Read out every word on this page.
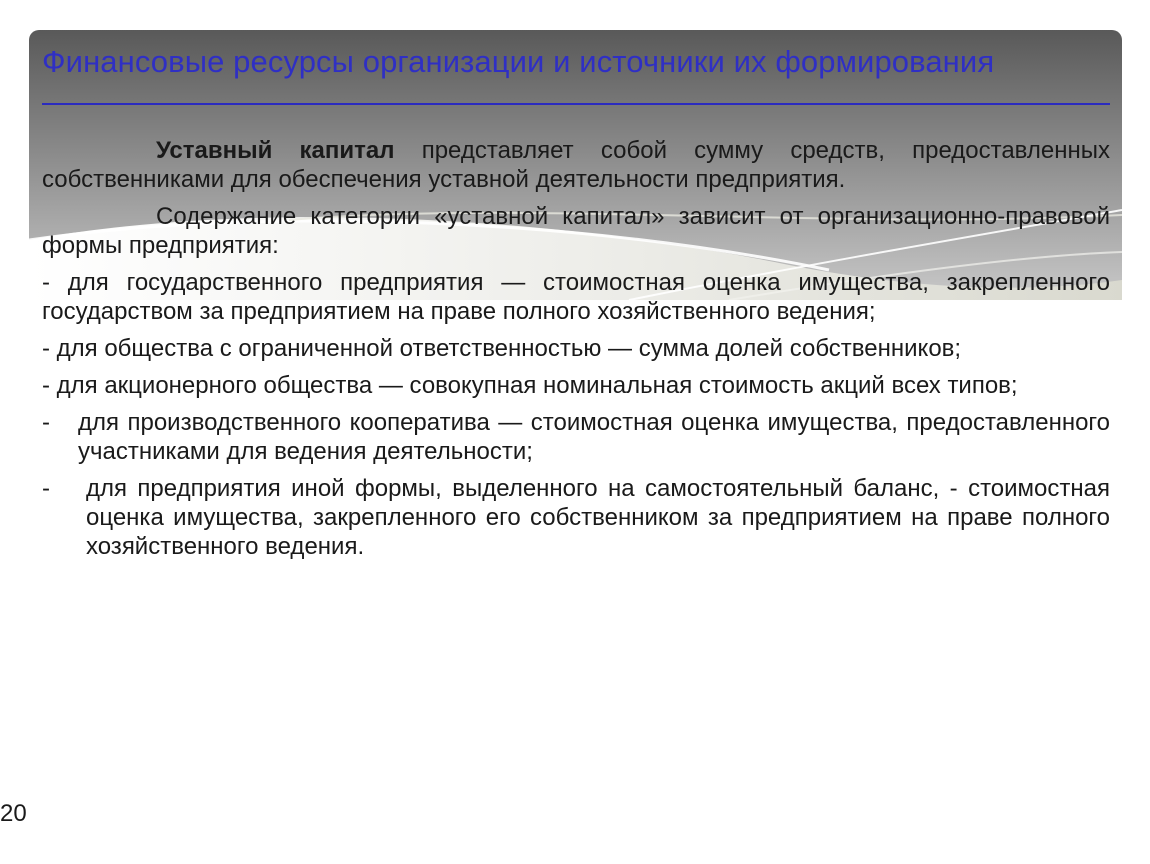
Финансовые ресурсы организации и источники их формирования

Уставный капитал представляет собой сумму средств, предоставленных собственниками для обеспечения уставной деятельности предприятия.

Содержание категории «уставной капитал» зависит от организационно-правовой формы предприятия:

- для государственного предприятия — стоимостная оценка имущества, закрепленного государством за предприятием на праве полного хозяйственного ведения;

- для общества с ограниченной ответственностью — сумма долей собственников;

- для акционерного общества — совокупная номинальная стоимость акций всех типов;

-	для производственного кооператива — стоимостная оценка имущества, предоставленного участниками для ведения деятельности;
-	для предприятия иной формы, выделенного на самостоятельный баланс, - стоимостная оценка имущества, закрепленного его собственником за предприятием на праве полного хозяйственного ведения.
20
